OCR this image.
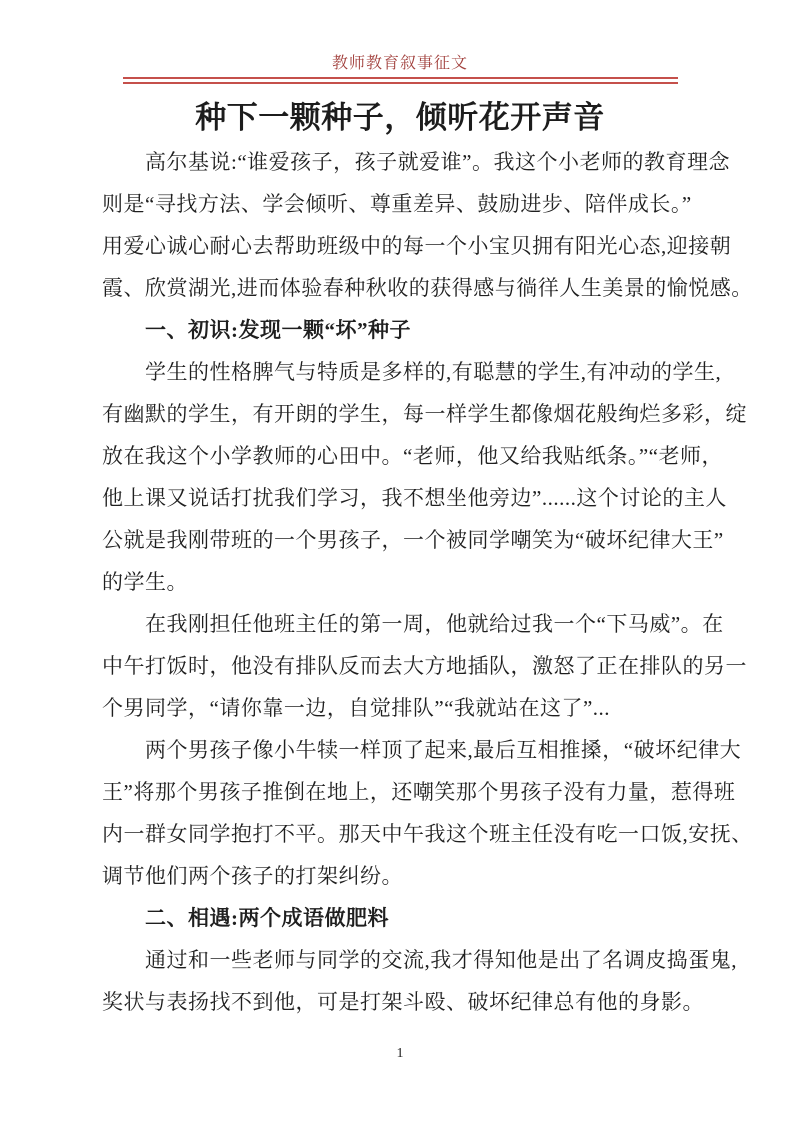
教师教育叙事征文
种下一颗种子，倾听花开声音
　　高尔基说:“谁爱孩子，孩子就爱谁”。我这个小老师的教育理念
则是“寻找方法、学会倾听、尊重差异、鼓励进步、陪伴成长。”
用爱心诚心耐心去帮助班级中的每一个小宝贝拥有阳光心态,迎接朝
霞、欣赏湖光,进而体验春种秋收的获得感与徜徉人生美景的愉悦感。
　　一、初识:发现一颗“坏”种子
　　学生的性格脾气与特质是多样的,有聪慧的学生,有冲动的学生,
有幽默的学生，有开朗的学生，每一样学生都像烟花般绚烂多彩，绽
放在我这个小学教师的心田中。“老师，他又给我贴纸条。”“老师，
他上课又说话打扰我们学习，我不想坐他旁边”......这个讨论的主人
公就是我刚带班的一个男孩子，一个被同学嘲笑为“破坏纪律大王”
的学生。
　　在我刚担任他班主任的第一周，他就给过我一个“下马威”。在
中午打饭时，他没有排队反而去大方地插队，激怒了正在排队的另一
个男同学，“请你靠一边，自觉排队”“我就站在这了”...
　　两个男孩子像小牛犊一样顶了起来,最后互相推搡，“破坏纪律大
王”将那个男孩子推倒在地上，还嘲笑那个男孩子没有力量，惹得班
内一群女同学抱打不平。那天中午我这个班主任没有吃一口饭,安抚、
调节他们两个孩子的打架纠纷。
　　二、相遇:两个成语做肥料
　　通过和一些老师与同学的交流,我才得知他是出了名调皮捣蛋鬼,
奖状与表扬找不到他，可是打架斗殴、破坏纪律总有他的身影。
1
